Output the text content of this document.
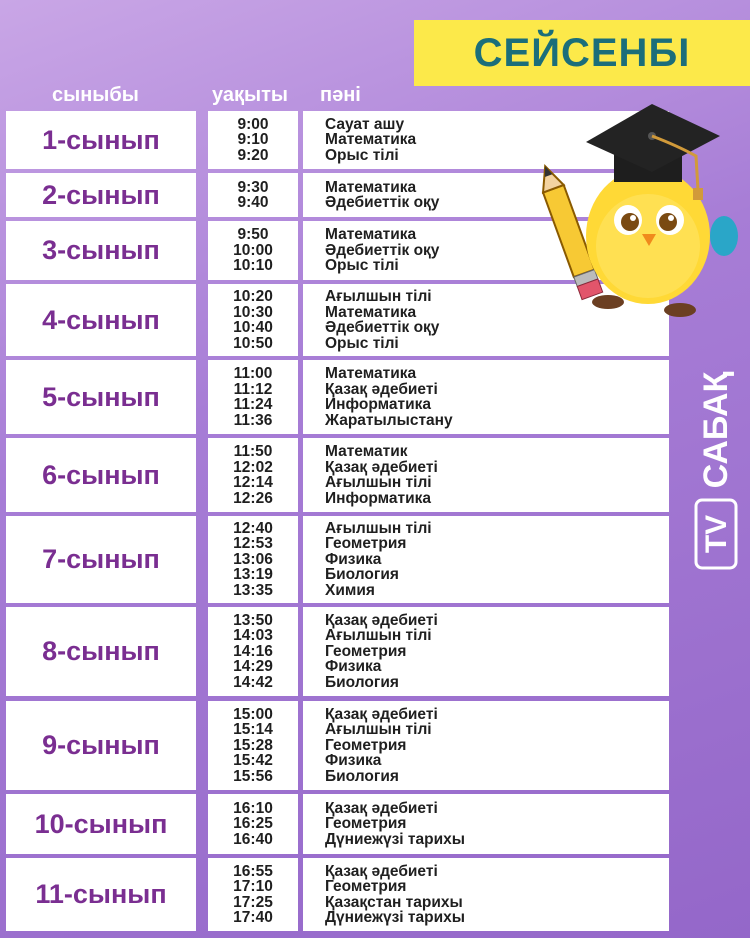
СЕЙСЕНБІ
сыныбы	уақыты пәні
1-сынып
9:00
9:10
9:20
Сауат ашу
Математика
Орыс тілі
2-сынып	9:30
9:40
Математика
Әдебиеттік оқу
3-сынып
9:50
10:00
10:10
Математика
Әдебиеттік оқу
Орыс тілі
4-сынып
10:20
10:30
10:40
10:50
Ағылшын тілі
Математика
Әдебиеттік оқу
Орыс тілі
5-сынып
11:00
11:12
11:24
11:36
Математика
Қазақ әдебиеті
Информатика
Жаратылыстану
6-сынып
11:50
12:02
12:14
12:26
Математик
Қазақ әдебиеті
Ағылшын тілі
Информатика
7-сынып
12:40
12:53
13:06
13:19
13:35
Ағылшын тілі
Геометрия
Физика
Биология
Химия
8-сынып
13:50
14:03
14:16
14:29
14:42
Қазақ әдебиеті
Ағылшын тілі
Геометрия
Физика
Биология
9-сынып
15:00
15:14
15:28
15:42
15:56
Қазақ әдебиеті
Ағылшын тілі
Геометрия
Физика
Биология
10-сынып
16:10
16:25
16:40
Қазақ әдебиеті
Геометрия
Дүниежүзі тарихы
11-сынып
16:55
17:10
17:25
17:40
Қазақ әдебиеті
Геометрия
Қазақстан тарихы
Дүниежүзі тарихы
TV
САБАҚ
